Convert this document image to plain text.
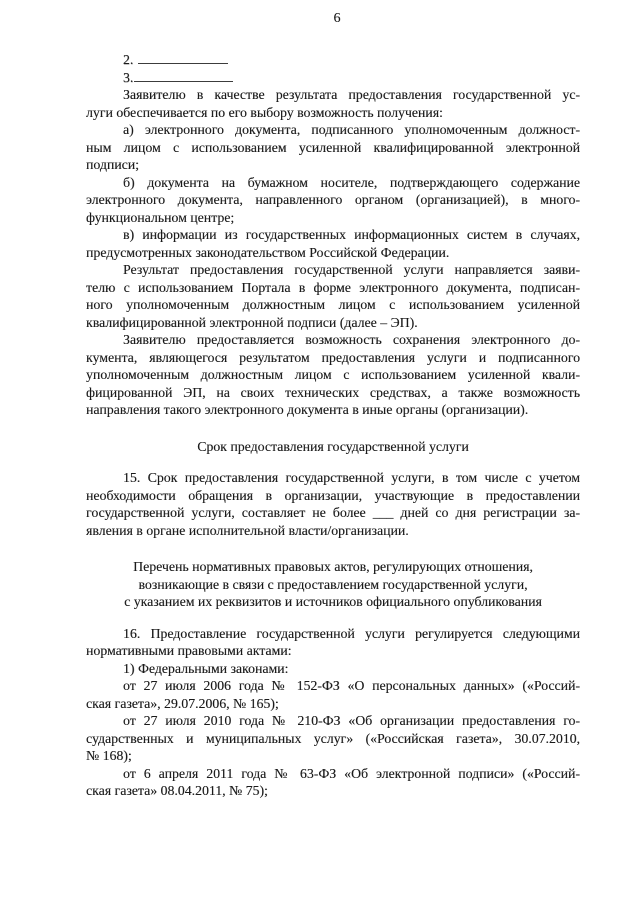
6
2.
3.
Заявителю в качестве результата предоставления государственной ус-
луги обеспечивается по его выбору возможность получения:
а) электронного документа, подписанного уполномоченным должност-
ным лицом с использованием усиленной квалифицированной электронной
подписи;
б) документа на бумажном носителе, подтверждающего содержание
электронного документа, направленного органом (организацией), в много-
функциональном центре;
в) информации из государственных информационных систем в случаях,
предусмотренных законодательством Российской Федерации.
Результат предоставления государственной услуги направляется заяви-
телю с использованием Портала в форме электронного документа, подписан-
ного уполномоченным должностным лицом с использованием усиленной
квалифицированной электронной подписи (далее – ЭП).
Заявителю предоставляется возможность сохранения электронного до-
кумента, являющегося результатом предоставления услуги и подписанного
уполномоченным должностным лицом с использованием усиленной квали-
фицированной ЭП, на своих технических средствах, а также возможность
направления такого электронного документа в иные органы (организации).
Срок предоставления государственной услуги
15. Срок предоставления государственной услуги, в том числе с учетом
необходимости обращения в организации, участвующие в предоставлении
государственной услуги, составляет не более ___ дней со дня регистрации за-
явления в органе исполнительной власти/организации.
Перечень нормативных правовых актов, регулирующих отношения,
возникающие в связи с предоставлением государственной услуги,
с указанием их реквизитов и источников официального опубликования
16. Предоставление государственной услуги регулируется следующими
нормативными правовыми актами:
1) Федеральными законами:
от 27 июля 2006 года № 152-ФЗ «О персональных данных» («Россий-
ская газета», 29.07.2006, № 165);
от 27 июля 2010 года № 210-ФЗ «Об организации предоставления го-
сударственных и муниципальных услуг» («Российская газета», 30.07.2010,
№ 168);
от 6 апреля 2011 года № 63-ФЗ «Об электронной подписи» («Россий-
ская газета» 08.04.2011, № 75);
